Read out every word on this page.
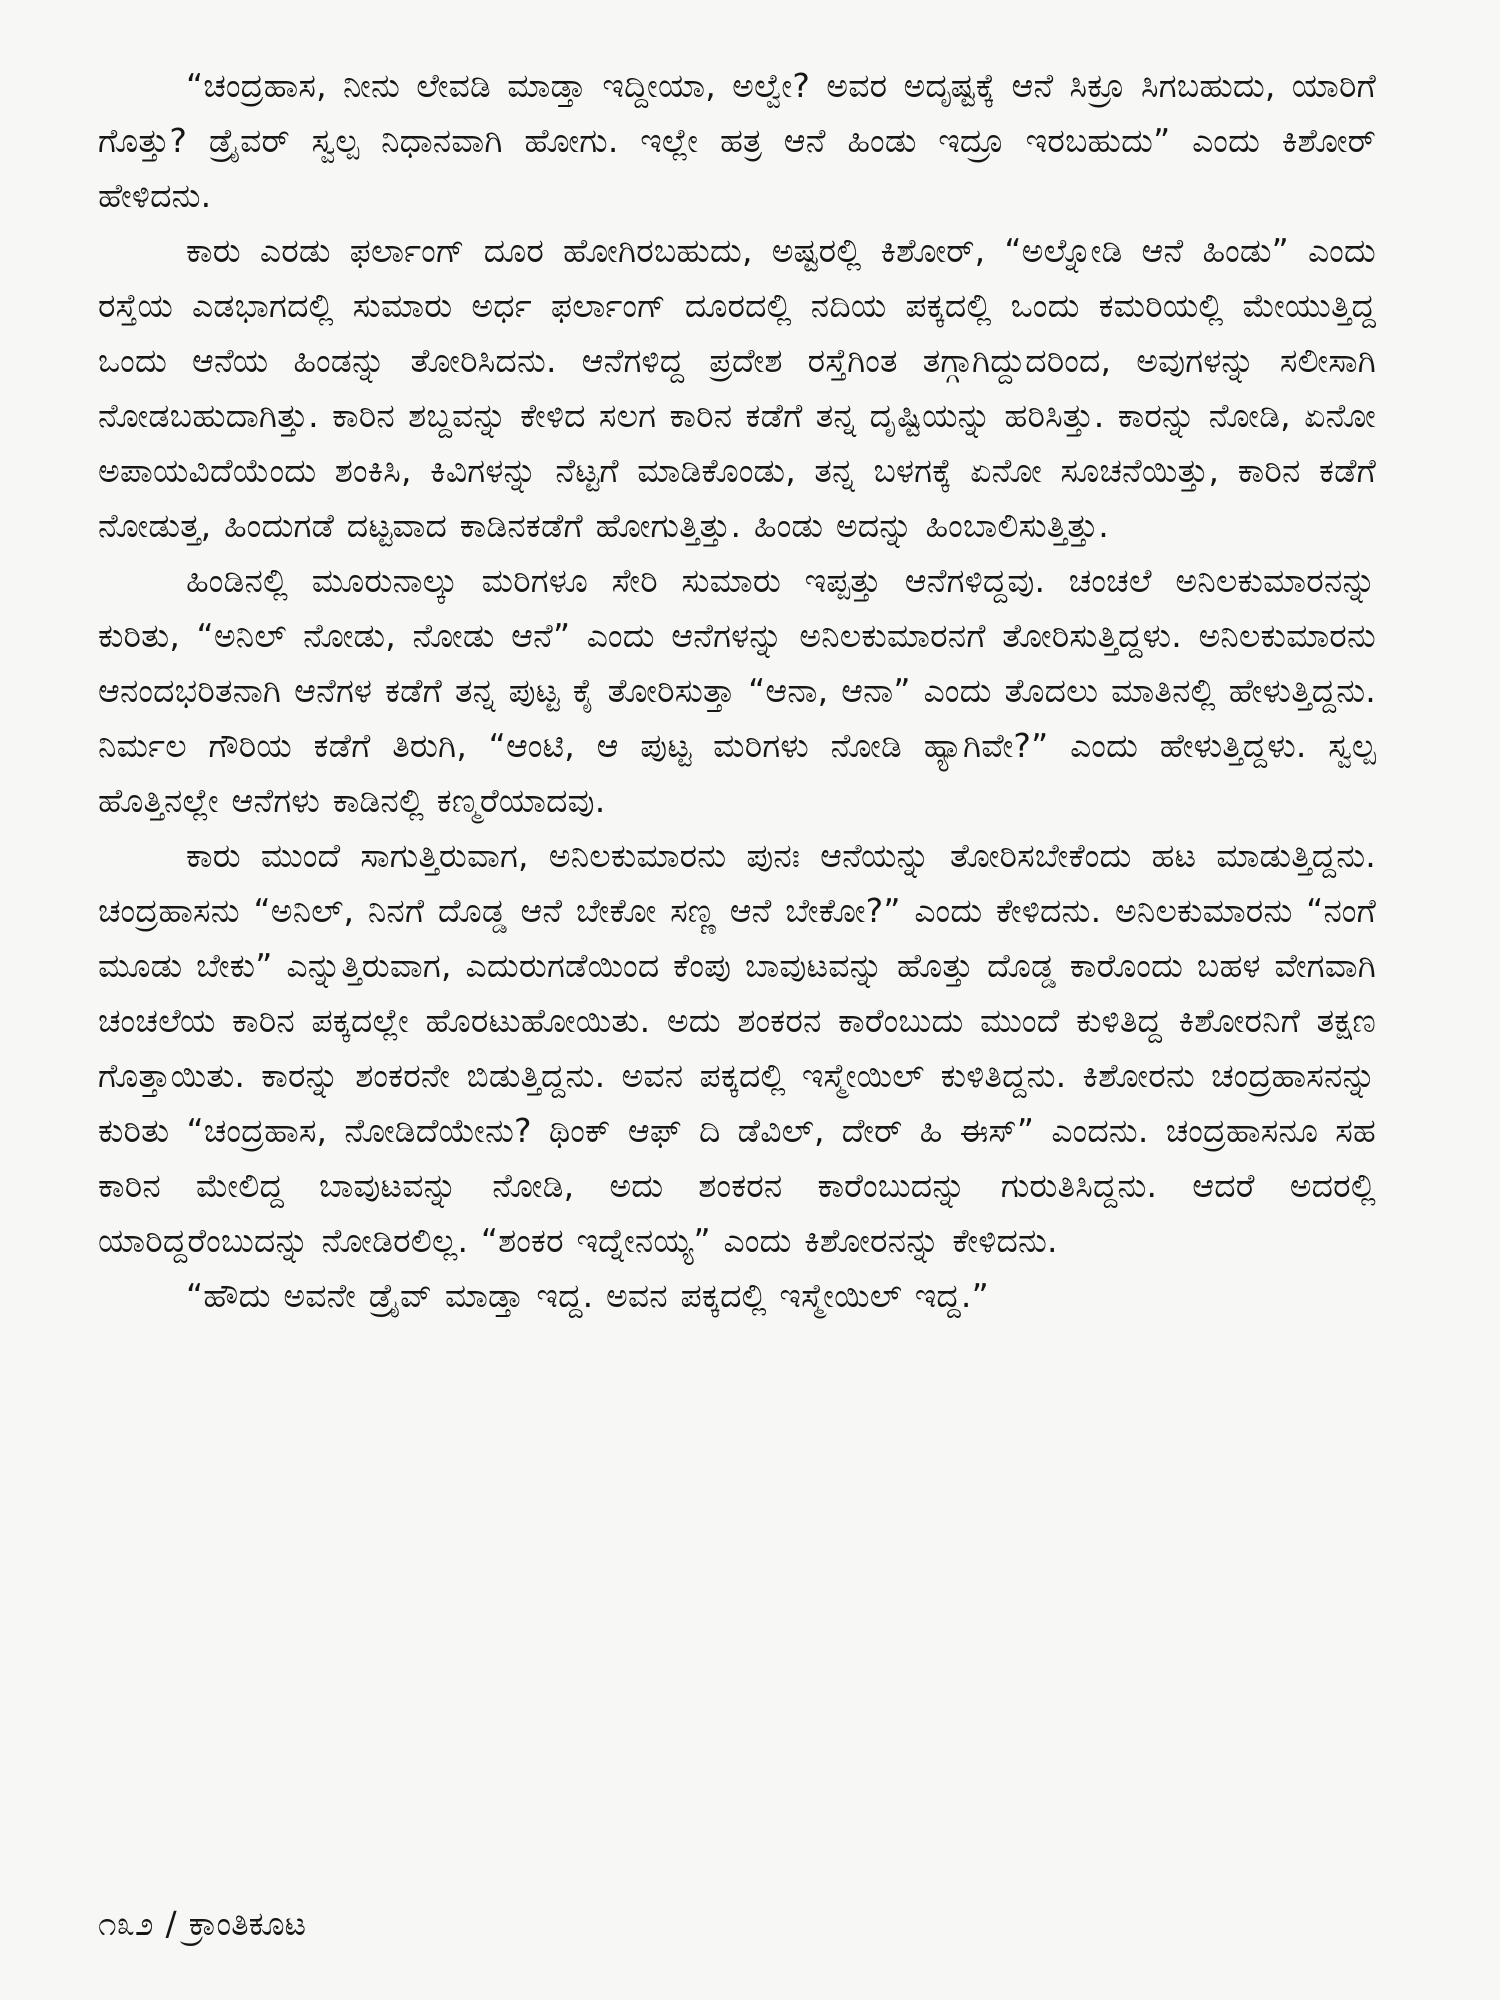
“ಚಂದ್ರಹಾಸ, ನೀನು ಲೇವಡಿ ಮಾಡ್ತಾ ಇದ್ದೀಯಾ, ಅಲ್ವೇ? ಅವರ ಅದೃಷ್ಟಕ್ಕೆ ಆನೆ ಸಿಕ್ರೂ ಸಿಗಬಹುದು, ಯಾರಿಗೆ ಗೊತ್ತು? ಡ್ರೈವರ್ ಸ್ವಲ್ಪ ನಿಧಾನವಾಗಿ ಹೋಗು. ಇಲ್ಲೇ ಹತ್ರ ಆನೆ ಹಿಂಡು ಇದ್ರೂ ಇರಬಹುದು” ಎಂದು ಕಿಶೋರ್ ಹೇಳಿದನು.

ಕಾರು ಎರಡು ಫರ್ಲಾಂಗ್ ದೂರ ಹೋಗಿರಬಹುದು, ಅಷ್ಟರಲ್ಲಿ ಕಿಶೋರ್, “ಅಲ್ನೋಡಿ ಆನೆ ಹಿಂಡು” ಎಂದು ರಸ್ತೆಯ ಎಡಭಾಗದಲ್ಲಿ ಸುಮಾರು ಅರ್ಧ ಫರ್ಲಾಂಗ್ ದೂರದಲ್ಲಿ ನದಿಯ ಪಕ್ಕದಲ್ಲಿ ಒಂದು ಕಮರಿಯಲ್ಲಿ ಮೇಯುತ್ತಿದ್ದ ಒಂದು ಆನೆಯ ಹಿಂಡನ್ನು ತೋರಿಸಿದನು. ಆನೆಗಳಿದ್ದ ಪ್ರದೇಶ ರಸ್ತೆಗಿಂತ ತಗ್ಗಾಗಿದ್ದುದರಿಂದ, ಅವುಗಳನ್ನು ಸಲೀಸಾಗಿ ನೋಡಬಹುದಾಗಿತ್ತು. ಕಾರಿನ ಶಬ್ದವನ್ನು ಕೇಳಿದ ಸಲಗ ಕಾರಿನ ಕಡೆಗೆ ತನ್ನ ದೃಷ್ಟಿಯನ್ನು ಹರಿಸಿತ್ತು. ಕಾರನ್ನು ನೋಡಿ, ಏನೋ ಅಪಾಯವಿದೆಯೆಂದು ಶಂಕಿಸಿ, ಕಿವಿಗಳನ್ನು ನೆಟ್ಟಗೆ ಮಾಡಿಕೊಂಡು, ತನ್ನ ಬಳಗಕ್ಕೆ ಏನೋ ಸೂಚನೆಯಿತ್ತು, ಕಾರಿನ ಕಡೆಗೆ ನೋಡುತ್ತ, ಹಿಂದುಗಡೆ ದಟ್ಟವಾದ ಕಾಡಿನಕಡೆಗೆ ಹೋಗುತ್ತಿತ್ತು. ಹಿಂಡು ಅದನ್ನು ಹಿಂಬಾಲಿಸುತ್ತಿತ್ತು.

ಹಿಂಡಿನಲ್ಲಿ ಮೂರುನಾಲ್ಕು ಮರಿಗಳೂ ಸೇರಿ ಸುಮಾರು ಇಪ್ಪತ್ತು ಆನೆಗಳಿದ್ದವು. ಚಂಚಲೆ ಅನಿಲಕುಮಾರನನ್ನು ಕುರಿತು, “ಅನಿಲ್ ನೋಡು, ನೋಡು ಆನೆ” ಎಂದು ಆನೆಗಳನ್ನು ಅನಿಲಕುಮಾರನಗೆ ತೋರಿಸುತ್ತಿದ್ದಳು. ಅನಿಲಕುಮಾರನು ಆನಂದಭರಿತನಾಗಿ ಆನೆಗಳ ಕಡೆಗೆ ತನ್ನ ಪುಟ್ಟ ಕೈ ತೋರಿಸುತ್ತಾ “ಆನಾ, ಆನಾ” ಎಂದು ತೊದಲು ಮಾತಿನಲ್ಲಿ ಹೇಳುತ್ತಿದ್ದನು. ನಿರ್ಮಲ ಗೌರಿಯ ಕಡೆಗೆ ತಿರುಗಿ, “ಆಂಟಿ, ಆ ಪುಟ್ಟ ಮರಿಗಳು ನೋಡಿ ಹ್ಯಾಗಿವೇ?” ಎಂದು ಹೇಳುತ್ತಿದ್ದಳು. ಸ್ವಲ್ಪ ಹೊತ್ತಿನಲ್ಲೇ ಆನೆಗಳು ಕಾಡಿನಲ್ಲಿ ಕಣ್ಮರೆಯಾದವು.

ಕಾರು ಮುಂದೆ ಸಾಗುತ್ತಿರುವಾಗ, ಅನಿಲಕುಮಾರನು ಪುನಃ ಆನೆಯನ್ನು ತೋರಿಸಬೇಕೆಂದು ಹಟ ಮಾಡುತ್ತಿದ್ದನು. ಚಂದ್ರಹಾಸನು “ಅನಿಲ್, ನಿನಗೆ ದೊಡ್ಡ ಆನೆ ಬೇಕೋ ಸಣ್ಣ ಆನೆ ಬೇಕೋ?” ಎಂದು ಕೇಳಿದನು. ಅನಿಲಕುಮಾರನು “ನಂಗೆ ಮೂಡು ಬೇಕು” ಎನ್ನುತ್ತಿರುವಾಗ, ಎದುರುಗಡೆಯಿಂದ ಕೆಂಪು ಬಾವುಟವನ್ನು ಹೊತ್ತು ದೊಡ್ಡ ಕಾರೊಂದು ಬಹಳ ವೇಗವಾಗಿ ಚಂಚಲೆಯ ಕಾರಿನ ಪಕ್ಕದಲ್ಲೇ ಹೊರಟುಹೋಯಿತು. ಅದು ಶಂಕರನ ಕಾರೆಂಬುದು ಮುಂದೆ ಕುಳಿತಿದ್ದ ಕಿಶೋರನಿಗೆ ತಕ್ಷಣ ಗೊತ್ತಾಯಿತು. ಕಾರನ್ನು ಶಂಕರನೇ ಬಿಡುತ್ತಿದ್ದನು. ಅವನ ಪಕ್ಕದಲ್ಲಿ ಇಸ್ಮೇಯಿಲ್ ಕುಳಿತಿದ್ದನು. ಕಿಶೋರನು ಚಂದ್ರಹಾಸನನ್ನು ಕುರಿತು “ಚಂದ್ರಹಾಸ, ನೋಡಿದೆಯೇನು? ಥಿಂಕ್ ಆಫ್ ದಿ ಡೆವಿಲ್, ದೇರ್ ಹಿ ಈಸ್” ಎಂದನು. ಚಂದ್ರಹಾಸನೂ ಸಹ ಕಾರಿನ ಮೇಲಿದ್ದ ಬಾವುಟವನ್ನು ನೋಡಿ, ಅದು ಶಂಕರನ ಕಾರೆಂಬುದನ್ನು ಗುರುತಿಸಿದ್ದನು. ಆದರೆ ಅದರಲ್ಲಿ ಯಾರಿದ್ದರೆಂಬುದನ್ನು ನೋಡಿರಲಿಲ್ಲ. “ಶಂಕರ ಇದ್ನೇನಯ್ಯ” ಎಂದು ಕಿಶೋರನನ್ನು ಕೇಳಿದನು.

“ಹೌದು ಅವನೇ ಡ್ರೈವ್ ಮಾಡ್ತಾ ಇದ್ದ. ಅವನ ಪಕ್ಕದಲ್ಲಿ ಇಸ್ಮೇಯಿಲ್ ಇದ್ದ.”

೧೩೨ / ಕ್ರಾಂತಿಕೂಟ
